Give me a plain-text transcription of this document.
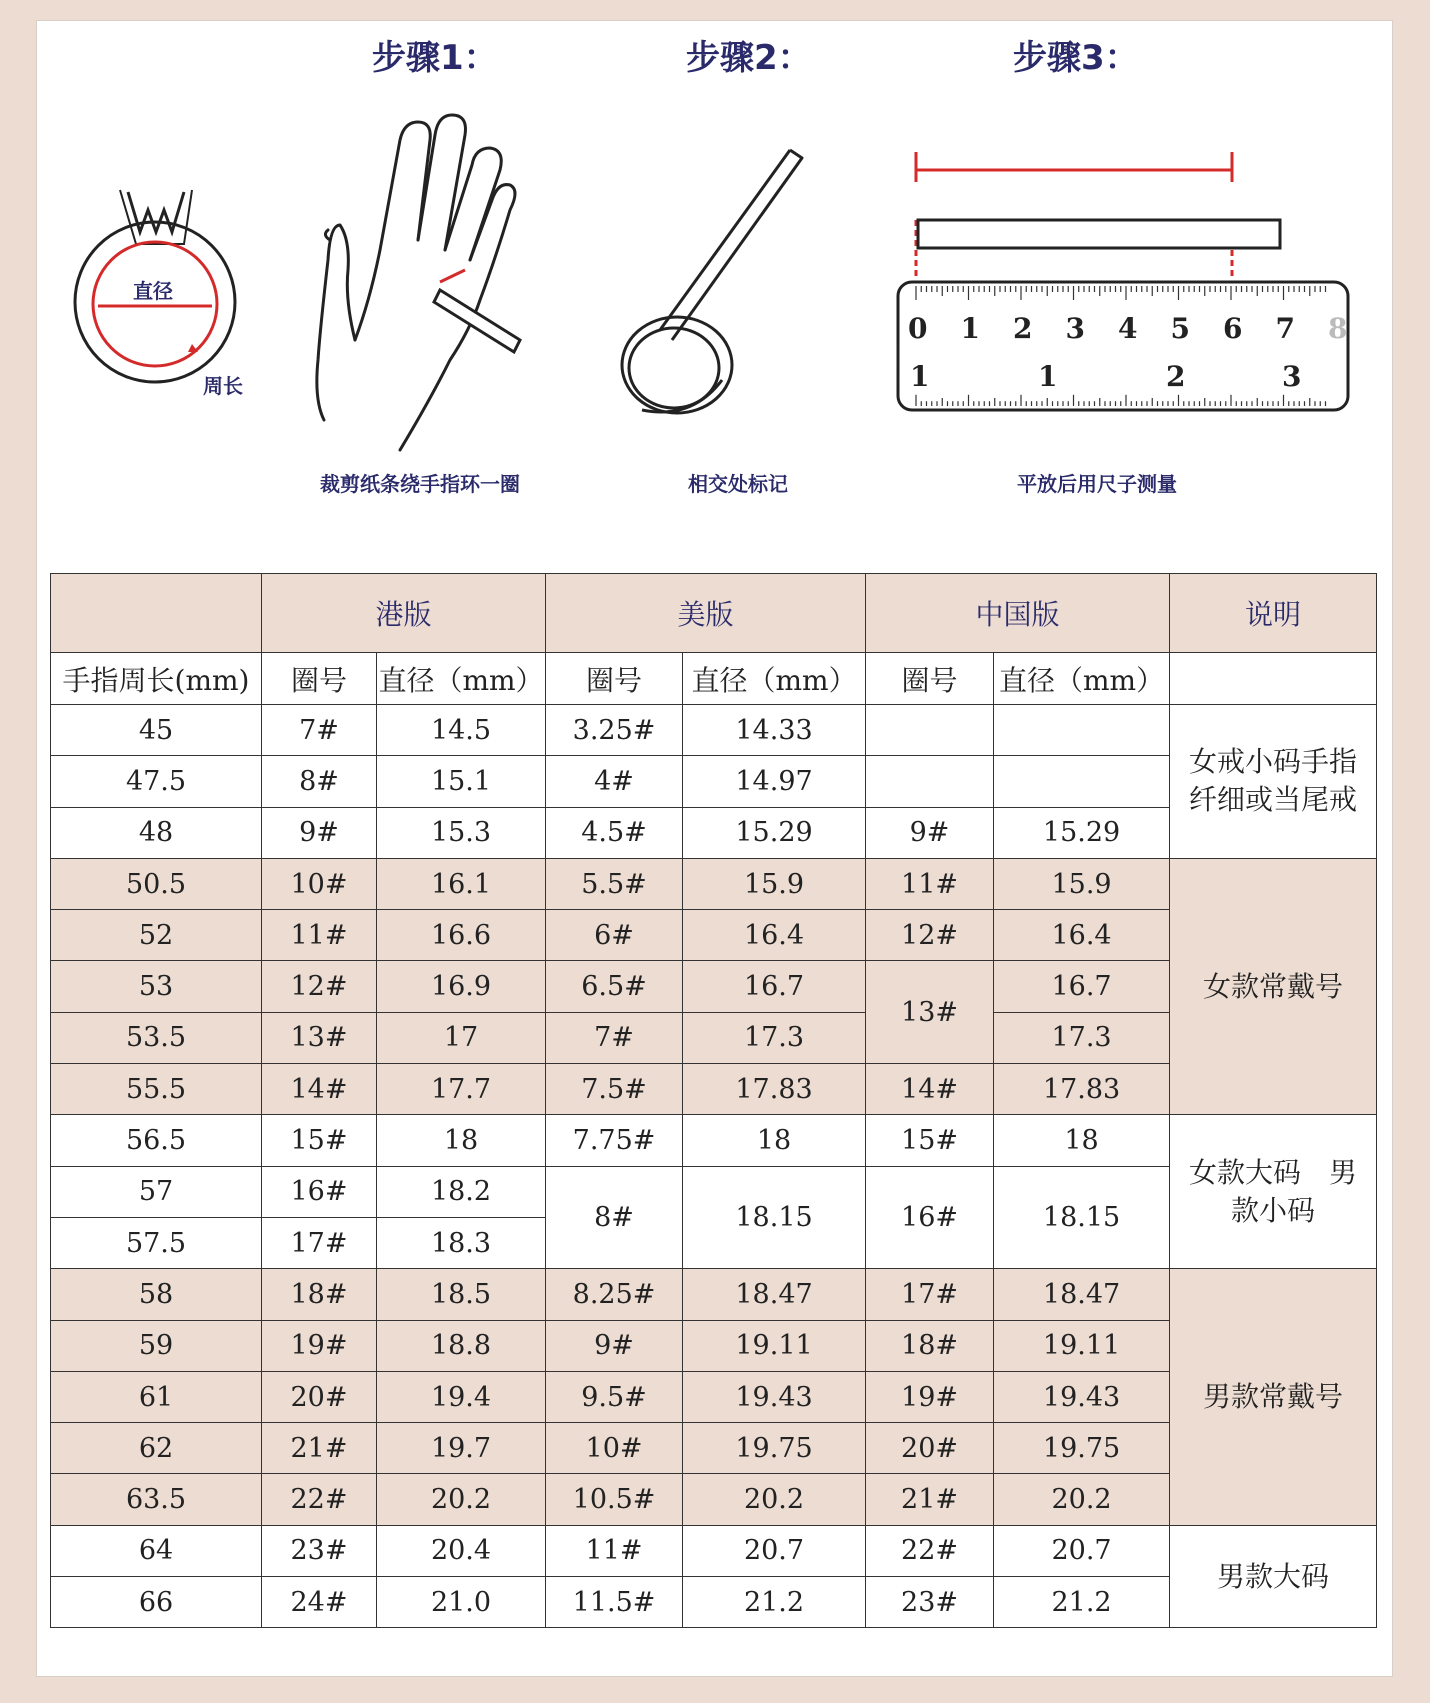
步骤1：	步骤2：	步骤3：
直径
周长
0 1 2 3 4 5 6 7 8
1	1	2	3
裁剪纸条绕手指环一圈	相交处标记	平放后用尺子测量
	港版		美版		中国版		说明
手指周长(mm)	圈号	直径（mm）	圈号	直径（mm）	圈号	直径（mm）	
45	7#	14.5	3.25#	14.33			女戒小码手指纤细或当尾戒
47.5	8#	15.1	4#	14.97			
48	9#	15.3	4.5#	15.29	9#	15.29	
50.5	10#	16.1	5.5#	15.9	11#	15.9	女款常戴号
52	11#	16.6	6#	16.4	12#	16.4	
53	12#	16.9	6.5#	16.7	13#	16.7	
53.5	13#	17	7#	17.3		17.3	
55.5	14#	17.7	7.5#	17.83	14#	17.83	
56.5	15#	18	7.75#	18	15#	18	女款大码　男款小码
57	16#	18.2	8#	18.15	16#	18.15	
57.5	17#	18.3					
58	18#	18.5	8.25#	18.47	17#	18.47	男款常戴号
59	19#	18.8	9#	19.11	18#	19.11	
61	20#	19.4	9.5#	19.43	19#	19.43	
62	21#	19.7	10#	19.75	20#	19.75	
63.5	22#	20.2	10.5#	20.2	21#	20.2	
64	23#	20.4	11#	20.7	22#	20.7	男款大码
66	24#	21.0	11.5#	21.2	23#	21.2	
